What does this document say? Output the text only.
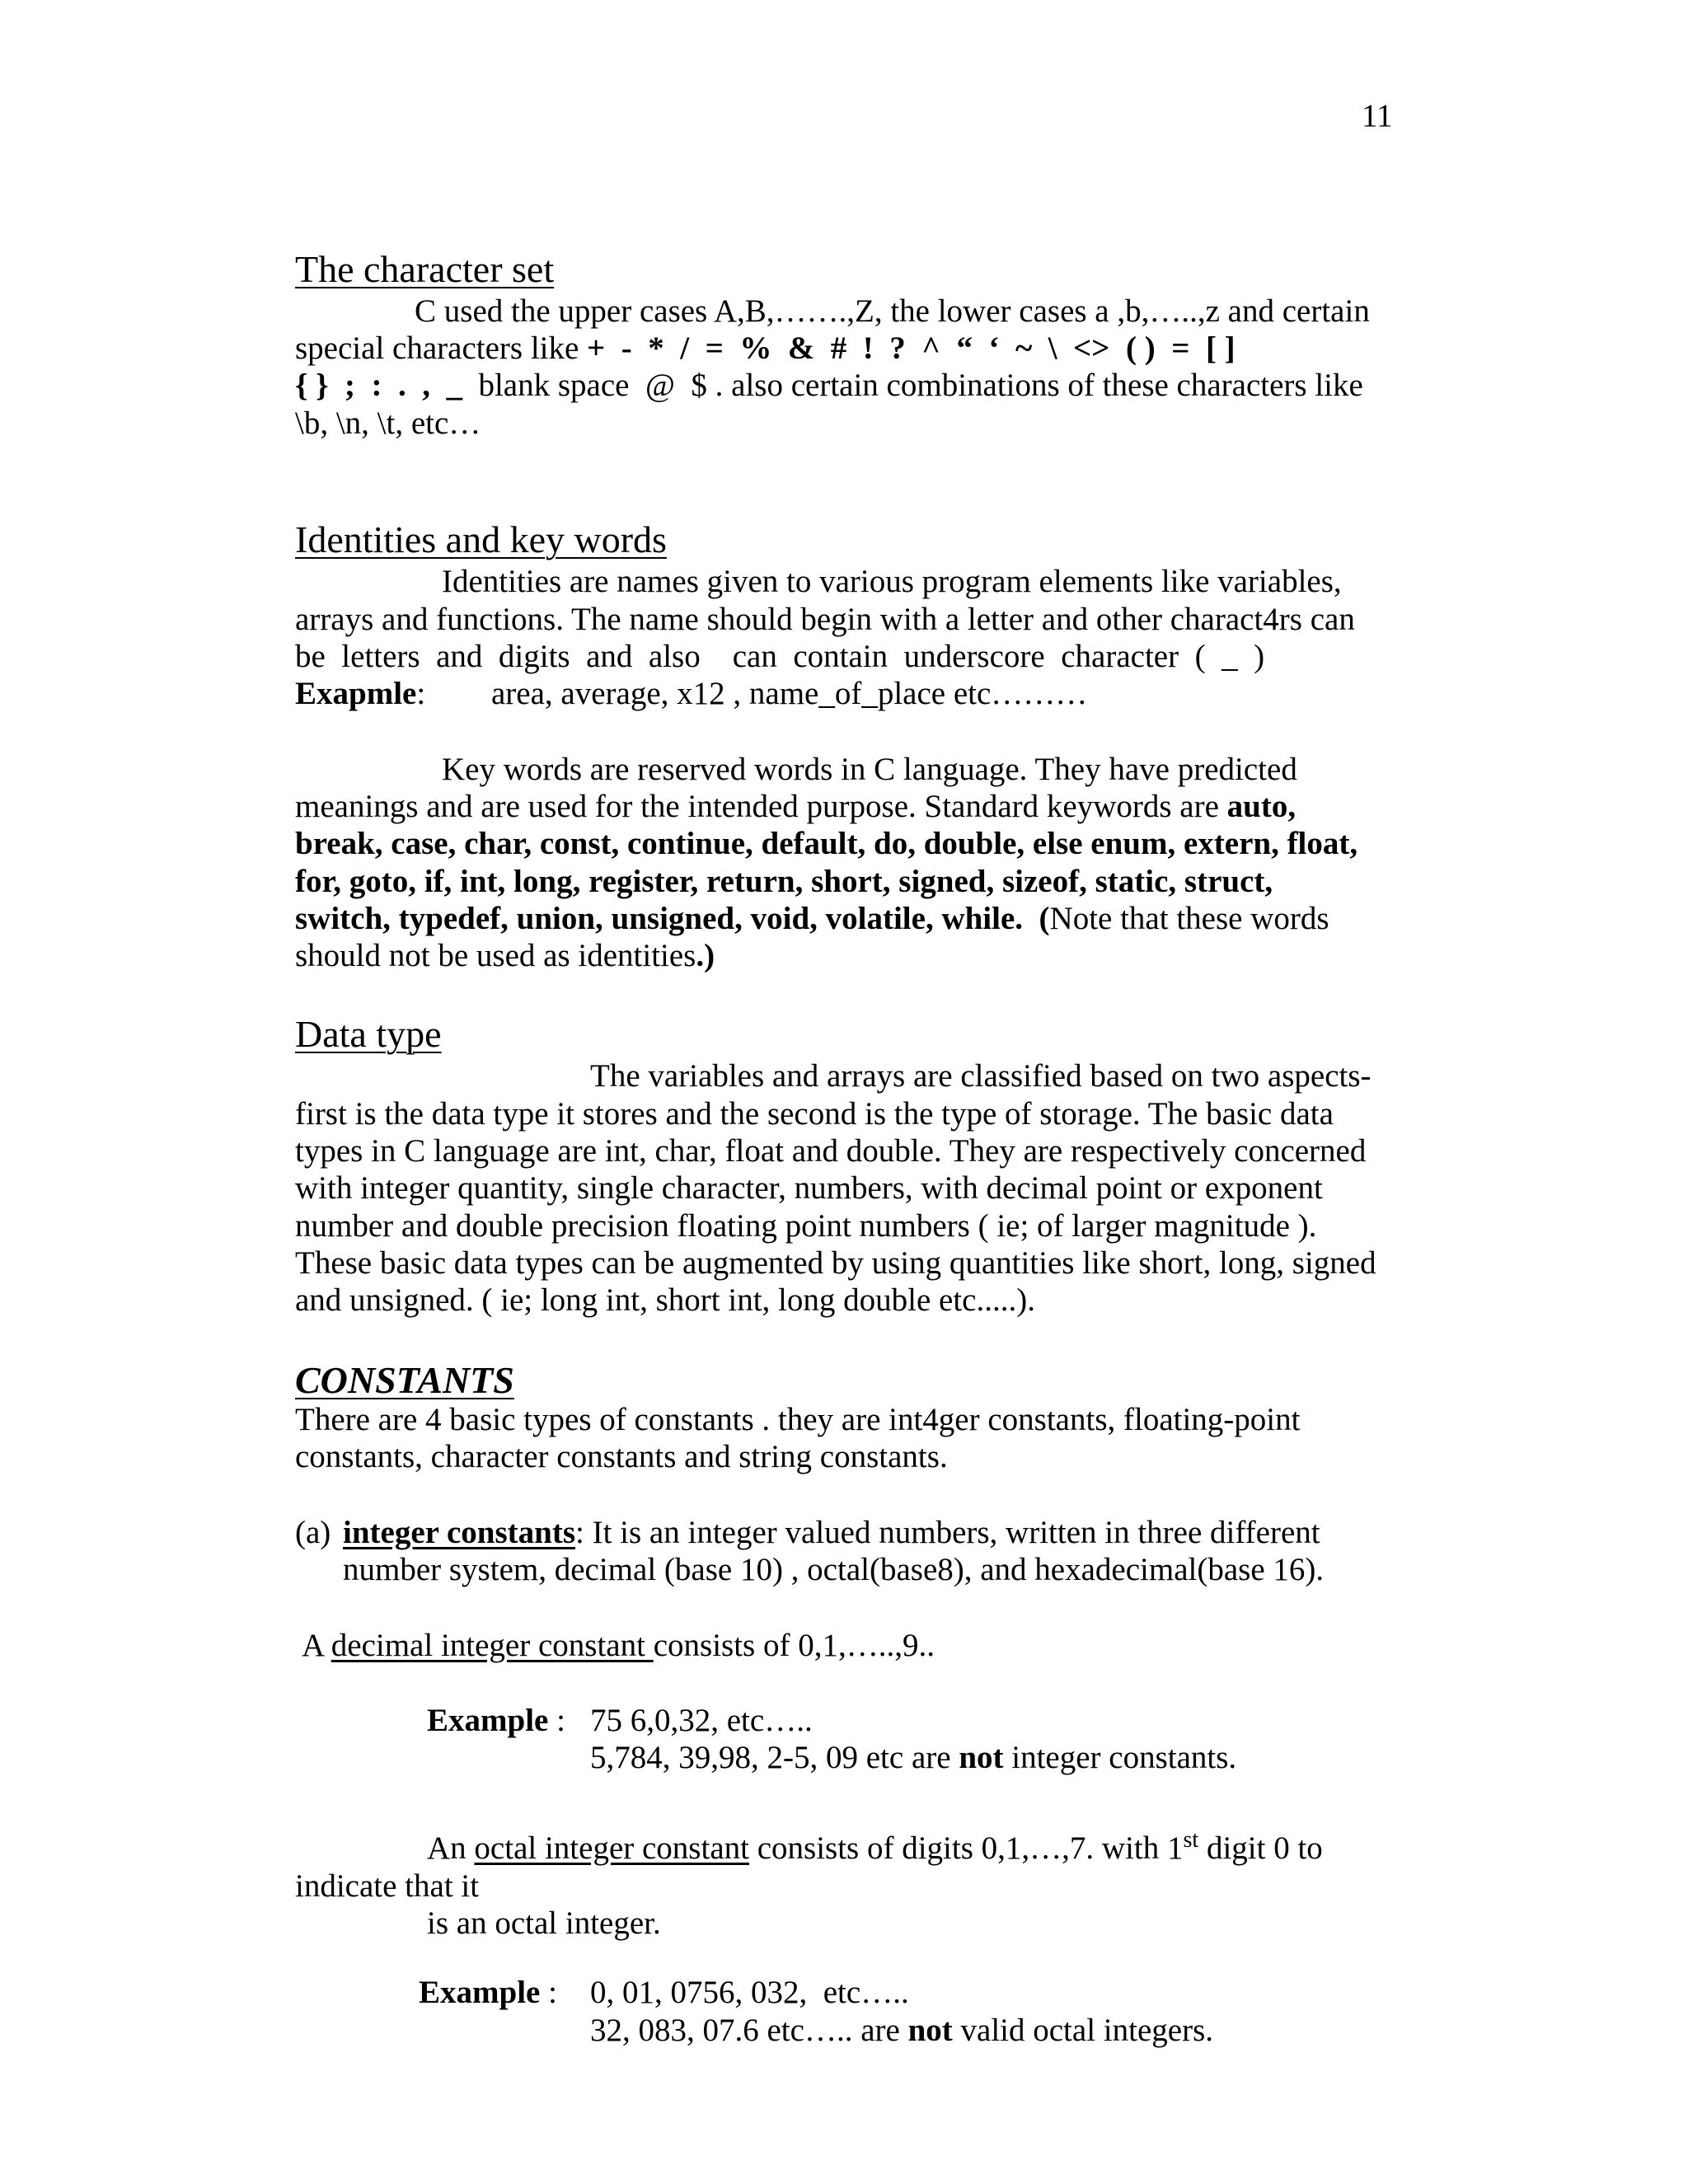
11
The character set
C used the upper cases A,B,…….,Z, the lower cases a ,b,…..,z and certain
special characters like +  -  *  /  =  %  &  #  !  ?  ^  “  ‘  ~  \  <>  ( )  =  [ ]
{ }  ;  :  .  ,  _  blank space  @  $ . also certain combinations of these characters like
\b, \n, \t, etc…
Identities and key words
Identities are names given to various program elements like variables,
arrays and functions. The name should begin with a letter and other charact4rs can
be  letters  and  digits  and  also    can  contain  underscore  character  (  _  )
Exapmle: area, average, x12 , name_of_place etc………
Key words are reserved words in C language. They have predicted
meanings and are used for the intended purpose. Standard keywords are auto,
break, case, char, const, continue, default, do, double, else enum, extern, float,
for, goto, if, int, long, register, return, short, signed, sizeof, static, struct,
switch, typedef, union, unsigned, void, volatile, while.  (Note that these words
should not be used as identities.)
Data type
The variables and arrays are classified based on two aspects-
first is the data type it stores and the second is the type of storage. The basic data
types in C language are int, char, float and double. They are respectively concerned
with integer quantity, single character, numbers, with decimal point or exponent
number and double precision floating point numbers ( ie; of larger magnitude ).
These basic data types can be augmented by using quantities like short, long, signed
and unsigned. ( ie; long int, short int, long double etc.....).
CONSTANTS
There are 4 basic types of constants . they are int4ger constants, floating-point
constants, character constants and string constants.
(a) integer constants: It is an integer valued numbers, written in three different
number system, decimal (base 10) , octal(base8), and hexadecimal(base 16).
A decimal integer constant consists of 0,1,…..,9..
Example : 75 6,0,32, etc…..
5,784, 39,98, 2-5, 09 etc are not integer constants.
An octal integer constant consists of digits 0,1,…,7. with 1st digit 0 to
indicate that it
is an octal integer.
Example : 0, 01, 0756, 032,  etc…..
32, 083, 07.6 etc….. are not valid octal integers.
